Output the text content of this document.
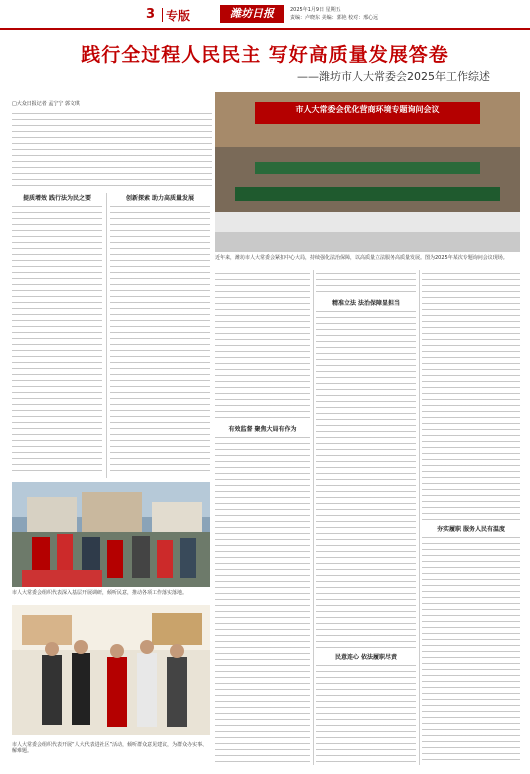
3 专版	潍坊日报	2025年1月9日 星期五
责编：卢晓东 美编：郭艳 校对：邢心远
践行全过程人民民主 写好高质量发展答卷
——潍坊市人大常委会2025年工作综述
□大众日报记者 孟宁宁 郭文琪
提质增效 践行法为民之要	创新探索 助力高质量发展
市人大常委会组织代表深入基层开展调研，倾听民意，推动各项工作落实落地。
市人大常委会组织代表开展“人大代表进社区”活动，倾听群众意见建议，为群众办实事、解难题。
市人大常委会优化营商环境专题询问会议
近年来，潍坊市人大常委会紧扣中心大局，持续强化法治保障，以高质量立法服务高质量发展。图为2025年某次专题询问会议现场。
有效监督 聚焦大局有作为
精准立法 法治保障显担当
民意连心 依法履职尽责
夯实履职 服务人民有温度
